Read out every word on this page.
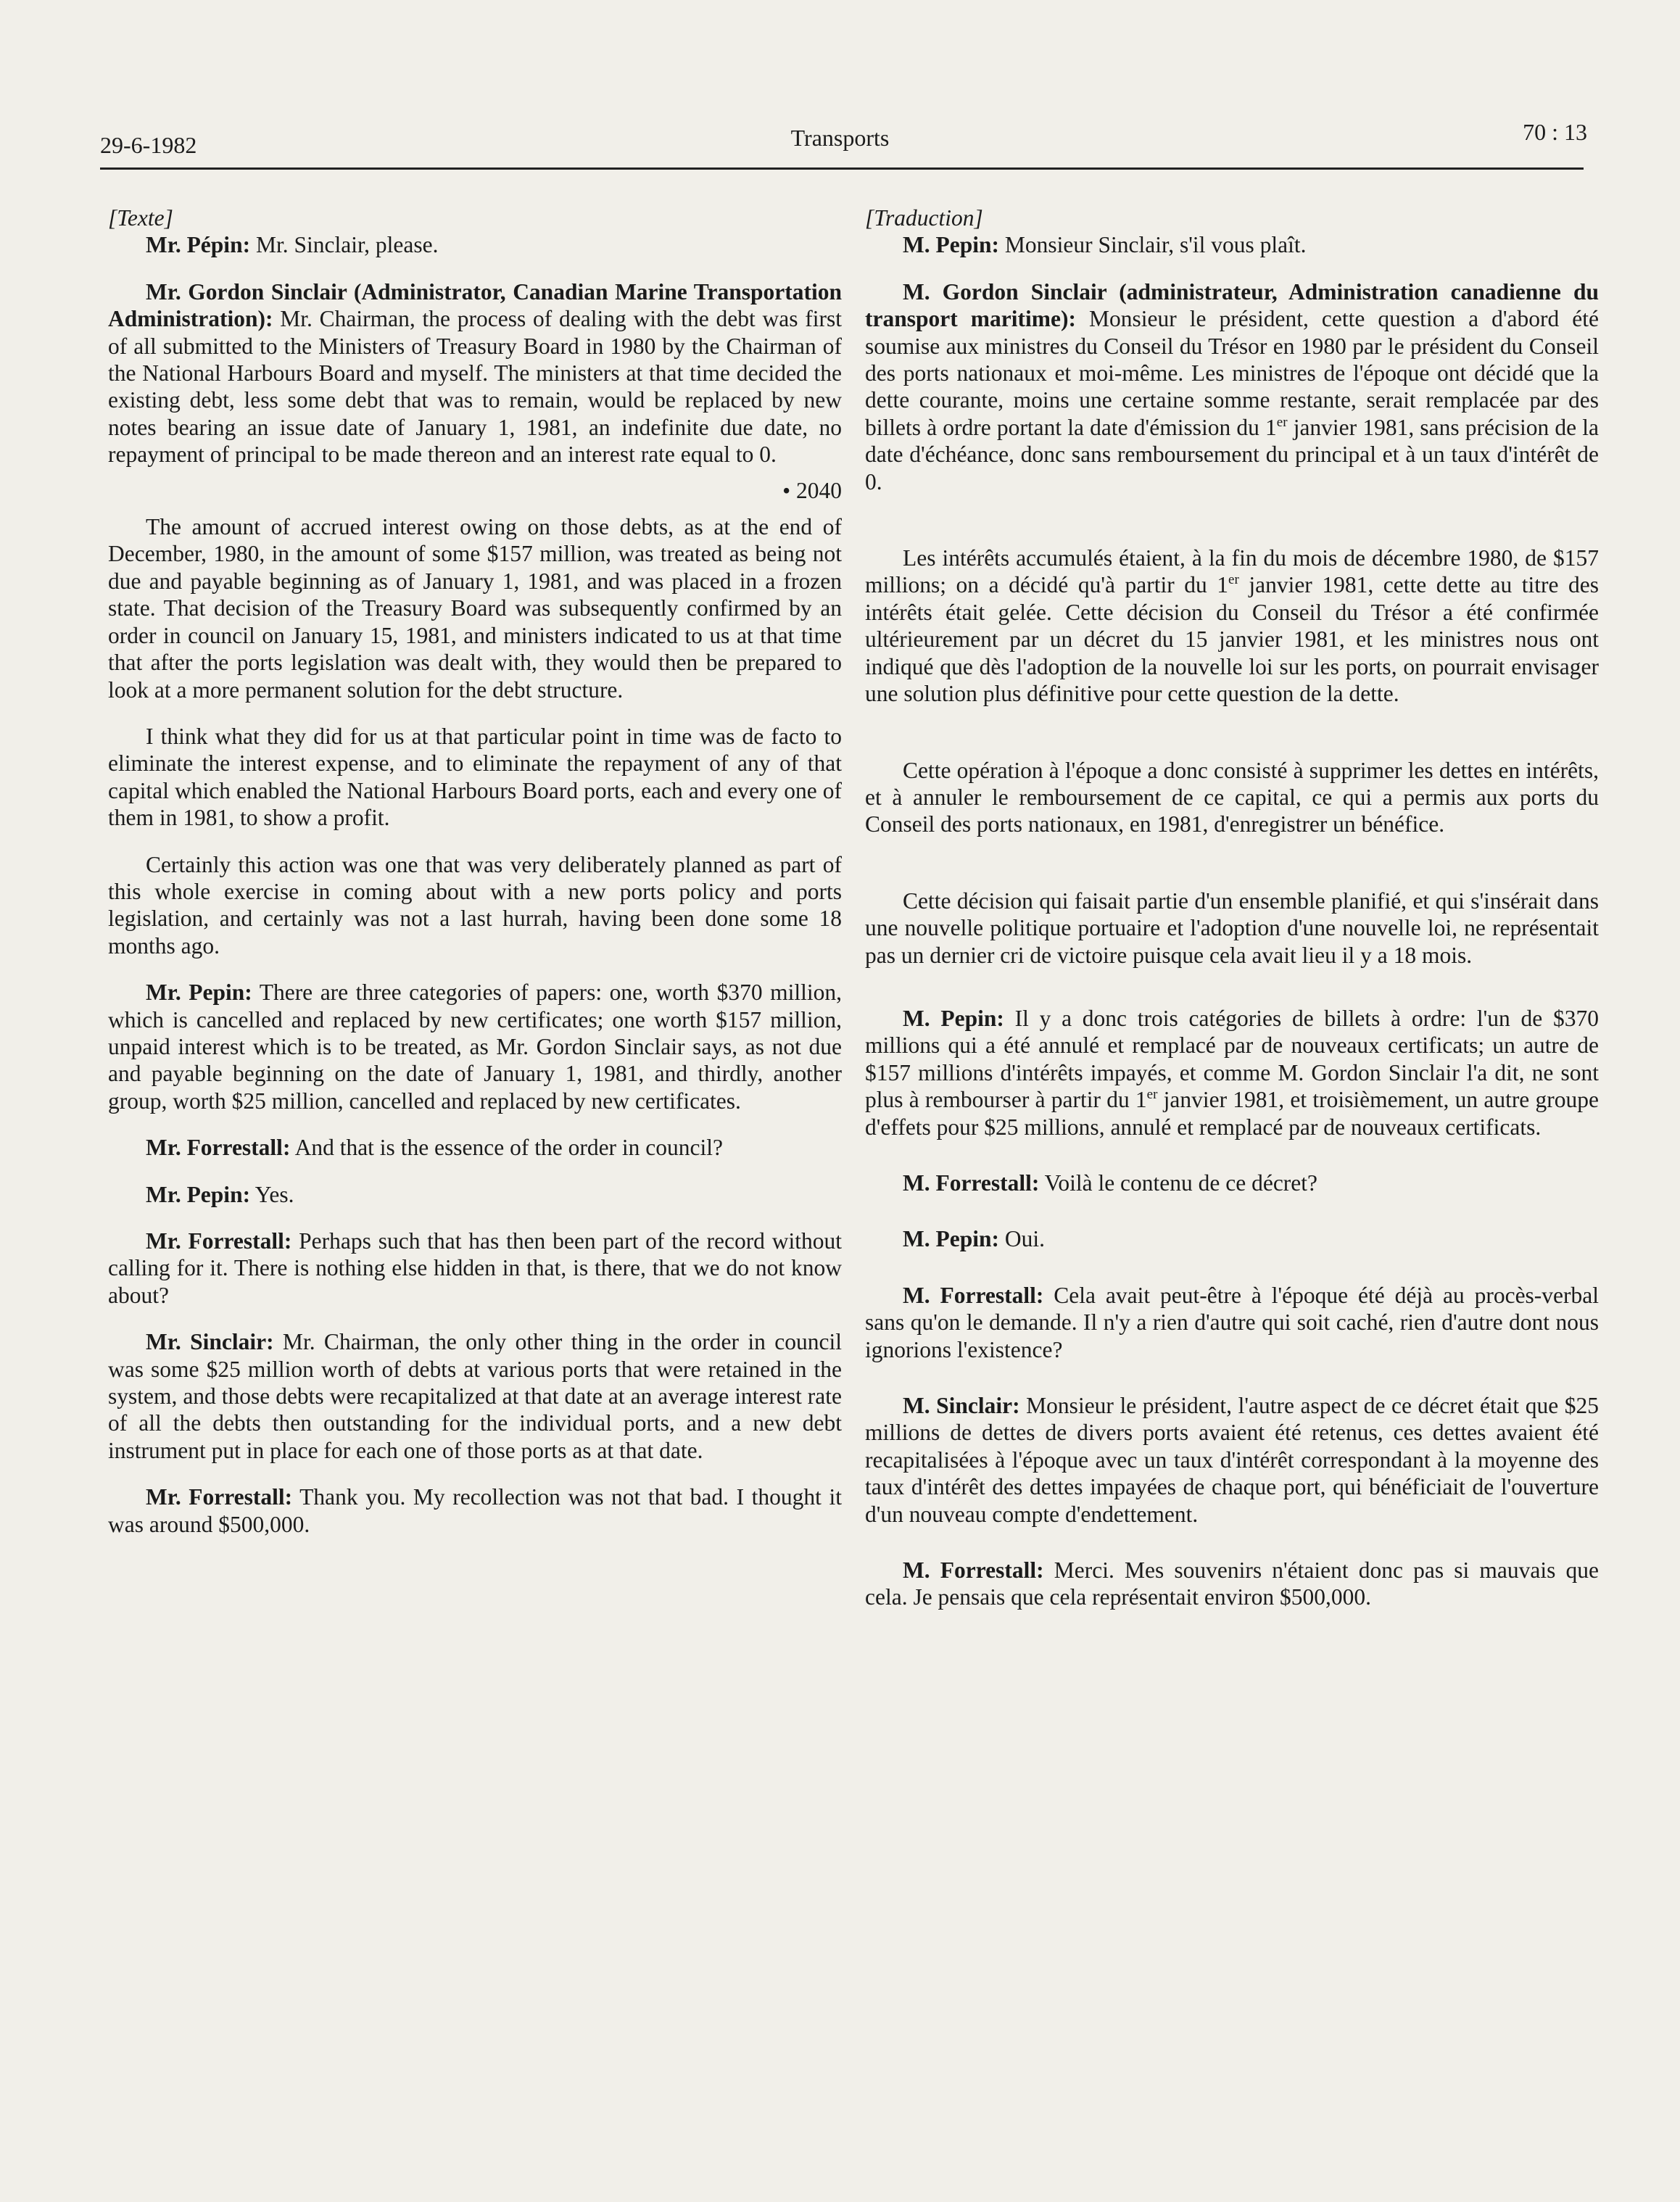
29-6-1982	Transports	70 : 13
[Texte]

Mr. Pépin: Mr. Sinclair, please.

Mr. Gordon Sinclair (Administrator, Canadian Marine Transportation Administration): Mr. Chairman, the process of dealing with the debt was first of all submitted to the Ministers of Treasury Board in 1980 by the Chairman of the National Harbours Board and myself. The ministers at that time decided the existing debt, less some debt that was to remain, would be replaced by new notes bearing an issue date of January 1, 1981, an indefinite due date, no repayment of principal to be made thereon and an interest rate equal to 0.

• 2040

The amount of accrued interest owing on those debts, as at the end of December, 1980, in the amount of some $157 million, was treated as being not due and payable beginning as of January 1, 1981, and was placed in a frozen state. That decision of the Treasury Board was subsequently confirmed by an order in council on January 15, 1981, and ministers indicated to us at that time that after the ports legislation was dealt with, they would then be prepared to look at a more permanent solution for the debt structure.

I think what they did for us at that particular point in time was de facto to eliminate the interest expense, and to eliminate the repayment of any of that capital which enabled the National Harbours Board ports, each and every one of them in 1981, to show a profit.

Certainly this action was one that was very deliberately planned as part of this whole exercise in coming about with a new ports policy and ports legislation, and certainly was not a last hurrah, having been done some 18 months ago.

Mr. Pepin: There are three categories of papers: one, worth $370 million, which is cancelled and replaced by new certificates; one worth $157 million, unpaid interest which is to be treated, as Mr. Gordon Sinclair says, as not due and payable beginning on the date of January 1, 1981, and thirdly, another group, worth $25 million, cancelled and replaced by new certificates.

Mr. Forrestall: And that is the essence of the order in council?

Mr. Pepin: Yes.

Mr. Forrestall: Perhaps such that has then been part of the record without calling for it. There is nothing else hidden in that, is there, that we do not know about?

Mr. Sinclair: Mr. Chairman, the only other thing in the order in council was some $25 million worth of debts at various ports that were retained in the system, and those debts were recapitalized at that date at an average interest rate of all the debts then outstanding for the individual ports, and a new debt instrument put in place for each one of those ports as at that date.

Mr. Forrestall: Thank you. My recollection was not that bad. I thought it was around $500,000.

[Traduction]

M. Pepin: Monsieur Sinclair, s'il vous plaît.

M. Gordon Sinclair (administrateur, Administration canadienne du transport maritime): Monsieur le président, cette question a d'abord été soumise aux ministres du Conseil du Trésor en 1980 par le président du Conseil des ports nationaux et moi-même. Les ministres de l'époque ont décidé que la dette courante, moins une certaine somme restante, serait remplacée par des billets à ordre portant la date d'émission du 1er janvier 1981, sans précision de la date d'échéance, donc sans remboursement du principal et à un taux d'intérêt de 0.

Les intérêts accumulés étaient, à la fin du mois de décembre 1980, de $157 millions; on a décidé qu'à partir du 1er janvier 1981, cette dette au titre des intérêts était gelée. Cette décision du Conseil du Trésor a été confirmée ultérieurement par un décret du 15 janvier 1981, et les ministres nous ont indiqué que dès l'adoption de la nouvelle loi sur les ports, on pourrait envisager une solution plus définitive pour cette question de la dette.

Cette opération à l'époque a donc consisté à supprimer les dettes en intérêts, et à annuler le remboursement de ce capital, ce qui a permis aux ports du Conseil des ports nationaux, en 1981, d'enregistrer un bénéfice.

Cette décision qui faisait partie d'un ensemble planifié, et qui s'insérait dans une nouvelle politique portuaire et l'adoption d'une nouvelle loi, ne représentait pas un dernier cri de victoire puisque cela avait lieu il y a 18 mois.

M. Pepin: Il y a donc trois catégories de billets à ordre: l'un de $370 millions qui a été annulé et remplacé par de nouveaux certificats; un autre de $157 millions d'intérêts impayés, et comme M. Gordon Sinclair l'a dit, ne sont plus à rembourser à partir du 1er janvier 1981, et troisièmement, un autre groupe d'effets pour $25 millions, annulé et remplacé par de nouveaux certificats.

M. Forrestall: Voilà le contenu de ce décret?

M. Pepin: Oui.

M. Forrestall: Cela avait peut-être à l'époque été déjà au procès-verbal sans qu'on le demande. Il n'y a rien d'autre qui soit caché, rien d'autre dont nous ignorions l'existence?

M. Sinclair: Monsieur le président, l'autre aspect de ce décret était que $25 millions de dettes de divers ports avaient été retenus, ces dettes avaient été recapitalisées à l'époque avec un taux d'intérêt correspondant à la moyenne des taux d'intérêt des dettes impayées de chaque port, qui bénéficiait de l'ouverture d'un nouveau compte d'endettement.

M. Forrestall: Merci. Mes souvenirs n'étaient donc pas si mauvais que cela. Je pensais que cela représentait environ $500,000.
